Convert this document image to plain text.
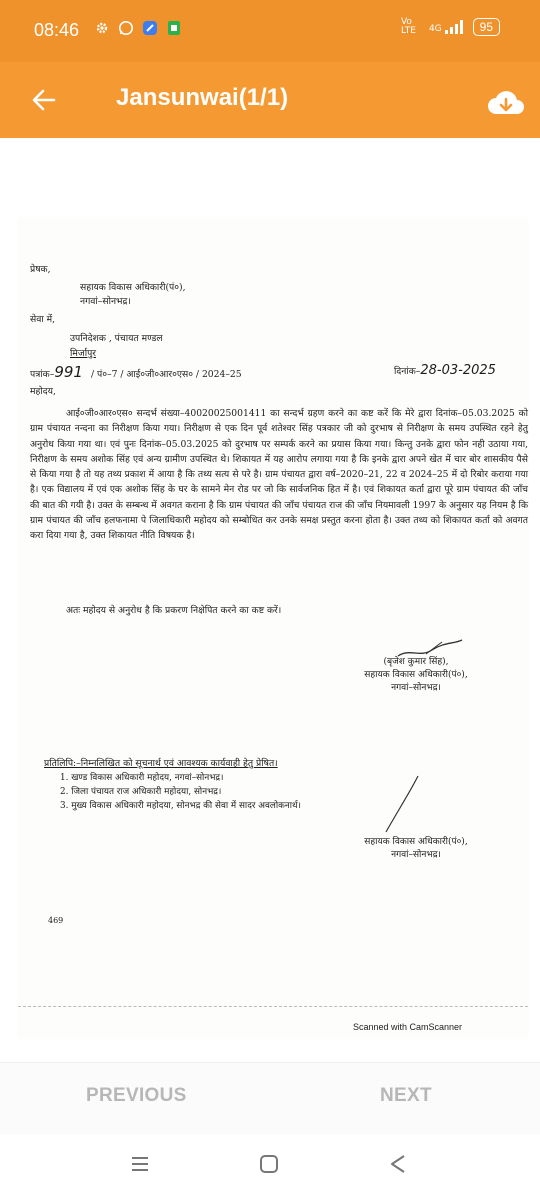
08:46	Vo LTE	4G	95
Jansunwai(1/1)
प्रेषक,
सहायक विकास अधिकारी(पं०),
नगवां–सोनभद्र।
सेवा में,
उपनिदेशक , पंचायत मण्डल
मिर्जापुर
पत्रांक– 991 / पं०–7 / आई०जी०आर०एस० / 2024–25	दिनांक– 28-03-2025
महोदय,
आई०जी०आर०एस० सन्दर्भ संख्या–40020025001411 का सन्दर्भ ग्रहण करने का कष्ट करें कि मेरे द्वारा दिनांक–05.03.2025 को ग्राम पंचायत नन्दना का निरीक्षण किया गया। निरीक्षण से एक दिन पूर्व शतेश्वर सिंह पत्रकार जी को दुरभाष से निरीक्षण के समय उपस्थित रहने हेतु अनुरोध किया गया था। एवं पुनः दिनांक–05.03.2025 को दुरभाष पर सम्पर्क करने का प्रयास किया गया। किन्तु उनके द्वारा फोन नही उठाया गया, निरीक्षण के समय अशोक सिंह एवं अन्य ग्रामीण उपस्थित थे। शिकायत में यह आरोप लगाया गया है कि इनके द्वारा अपने खेत में चार बोर शासकीय पैसे से किया गया है तो यह तथ्य प्रकाश में आया है कि तथ्य सत्य से परे है। ग्राम पंचायत द्वारा वर्ष–2020–21, 22 व 2024–25 में दो रिबोर कराया गया है। एक विद्यालय में एवं एक अशोक सिंह के घर के सामने मेन रोड पर जो कि सार्वजनिक हित में है। एवं शिकायत कर्ता द्वारा पूरे ग्राम पंचायत की जाँच की बात की गयी है। उक्त के सम्बन्ध में अवगत कराना है कि ग्राम पंचायत की जाँच पंचायत राज की जाँच नियमावली 1997 के अनुसार यह नियम है कि ग्राम पंचायत की जाँच हलफनामा पे जिलाधिकारी महोदय को सम्बोधित कर उनके समक्ष प्रस्तुत करना होता है। उक्त तथ्य को शिकायत कर्ता को अवगत करा दिया गया है, उक्त शिकायत नीति विषयक है।
अतः महोदय से अनुरोध है कि प्रकरण निक्षेपित करने का कष्ट करें।
(बृजेश कुमार सिंह),
सहायक विकास अधिकारी(पं०),
नगवां–सोनभद्र।
प्रतिलिपि:–निम्नलिखित को सूचनार्थ एवं आवश्यक कार्यवाही हेतु प्रेषित।
1. खण्ड विकास अधिकारी महोदय, नगवां–सोनभद्र।
2. जिला पंचायत राज अधिकारी महोदया, सोनभद्र।
3. मुख्य विकास अधिकारी महोदया, सोनभद्र की सेवा में सादर अवलोकनार्थ।
सहायक विकास अधिकारी(पं०),
नगवां–सोनभद्र।
469
Scanned with CamScanner
PREVIOUS	NEXT
